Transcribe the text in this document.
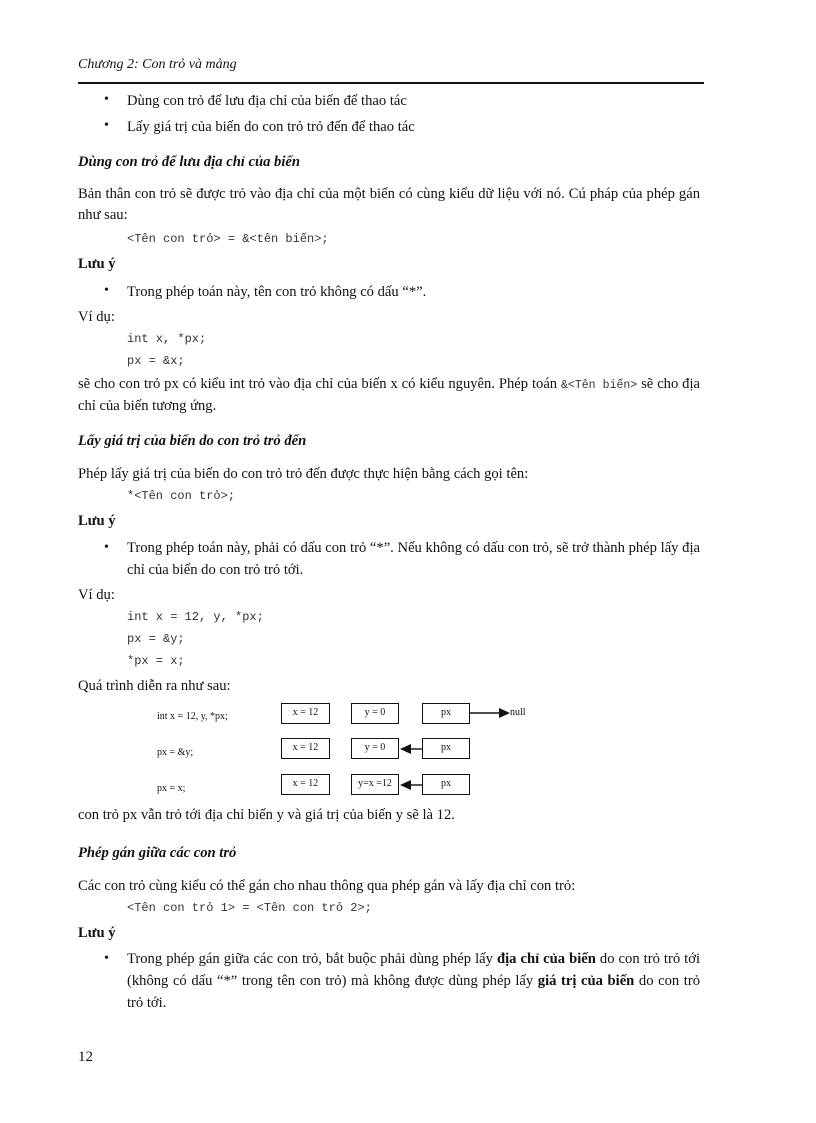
Chương 2: Con trỏ và mảng
•	Dùng con trỏ để lưu địa chỉ của biến để thao tác
•	Lấy giá trị của biến do con trỏ trỏ đến để thao tác
Dùng con trỏ để lưu địa chỉ của biến
Bản thân con trỏ sẽ được trỏ vào địa chỉ của một biến có cùng kiểu dữ liệu với nó. Cú pháp của phép gán như sau:
<Tên con trỏ> = &<tên biến>;
Lưu ý
•	Trong phép toán này, tên con trỏ không có dấu “*”.
Ví dụ:
int x, *px;
px = &x;
sẽ cho con trỏ px có kiểu int trỏ vào địa chỉ của biến x có kiểu nguyên. Phép toán &<Tên biến> sẽ cho địa chỉ của biến tương ứng.
Lấy giá trị của biến do con trỏ trỏ đến
Phép lấy giá trị của biến do con trỏ trỏ đến được thực hiện bằng cách gọi tên:
*<Tên con trỏ>;
Lưu ý
•	Trong phép toán này, phải có dấu con trỏ “*”. Nếu không có dấu con trỏ, sẽ trở thành phép lấy địa chỉ của biến do con trỏ trỏ tới.
Ví dụ:
int x = 12, y, *px;
px = &y;
*px = x;
Quá trình diễn ra như sau:
int x = 12, y, *px;	x = 12	y = 0	px	null
px = &y;	x = 12	y = 0	px
px = x;	x = 12	y=x =12	px
con trỏ px vẫn trỏ tới địa chỉ biến y và giá trị của biến y sẽ là 12.
Phép gán giữa các con trỏ
Các con trỏ cùng kiểu có thể gán cho nhau thông qua phép gán và lấy địa chỉ con trỏ:
<Tên con trỏ 1> = <Tên con trỏ 2>;
Lưu ý
•	Trong phép gán giữa các con trỏ, bắt buộc phải dùng phép lấy địa chỉ của biến do con trỏ trỏ tới (không có dấu “*” trong tên con trỏ) mà không được dùng phép lấy giá trị của biến do con trỏ trỏ tới.
12
